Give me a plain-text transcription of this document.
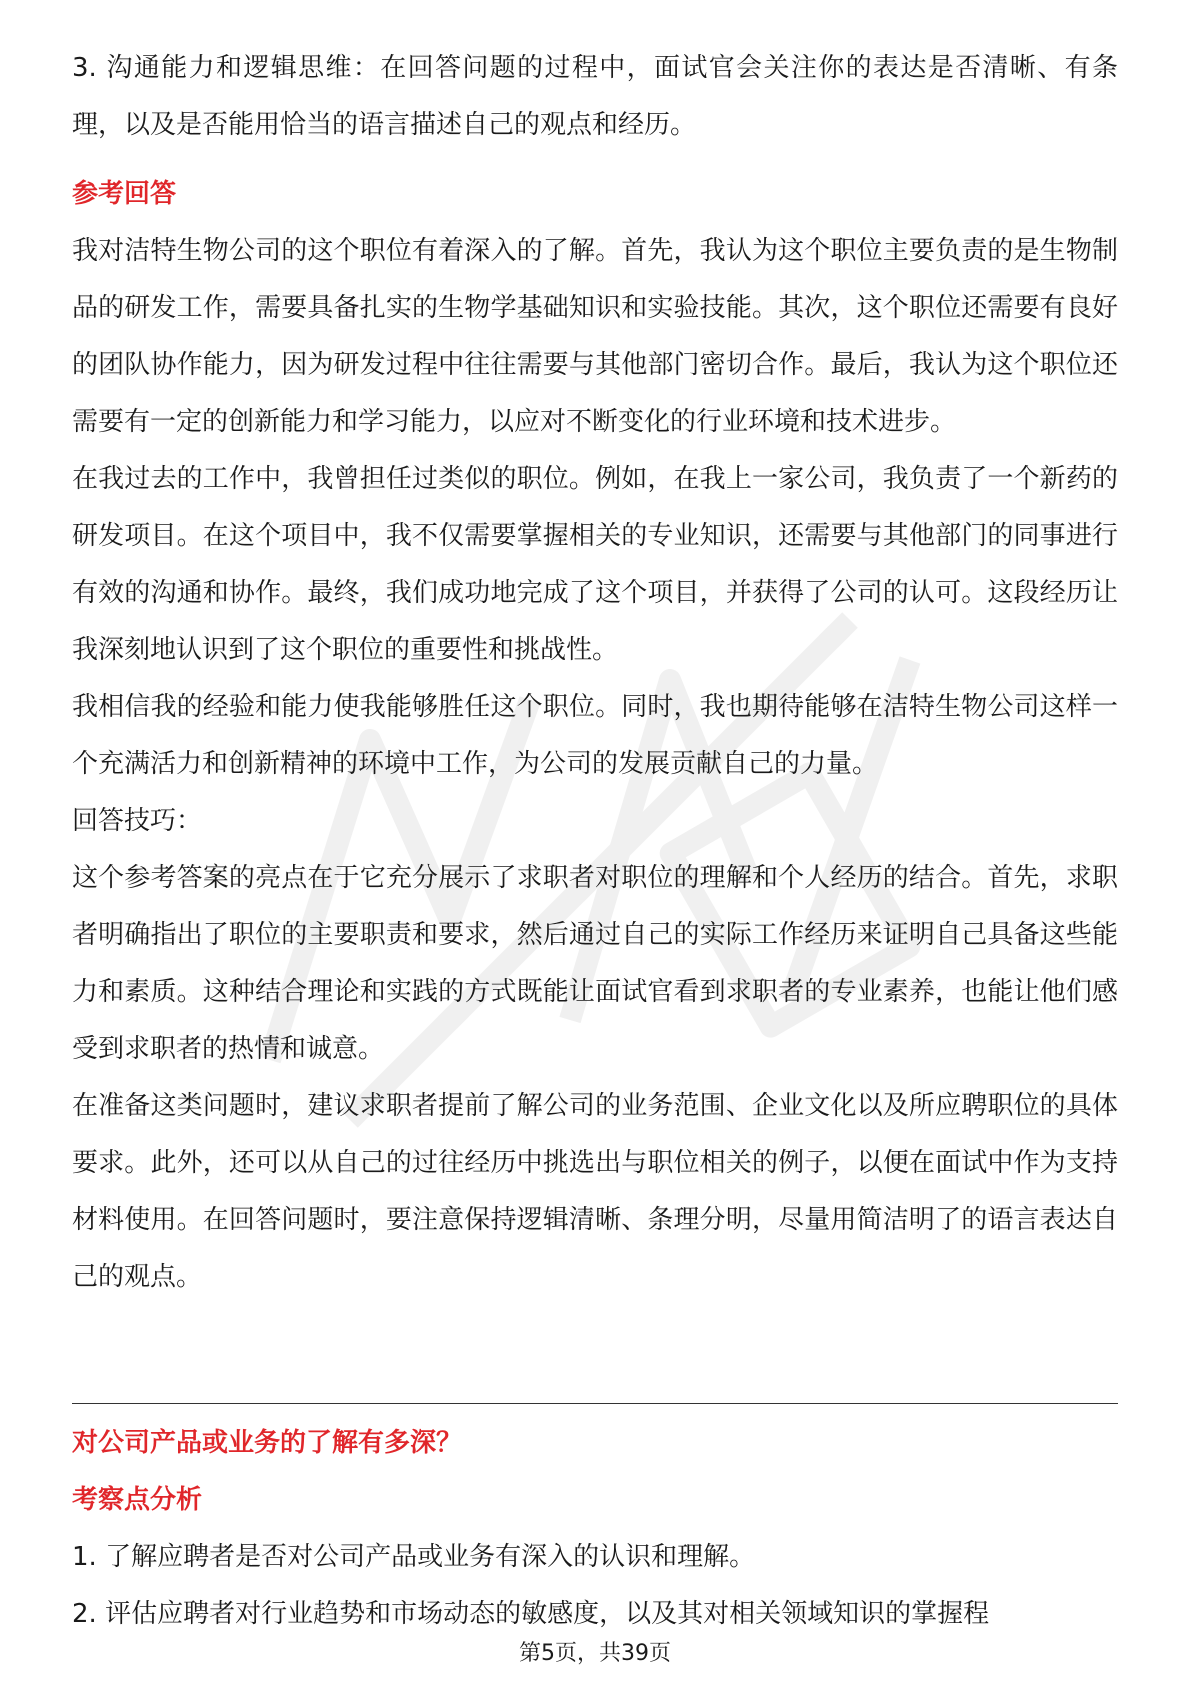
3. 沟通能力和逻辑思维：在回答问题的过程中，面试官会关注你的表达是否清晰、有条理，以及是否能用恰当的语言描述自己的观点和经历。

参考回答

我对洁特生物公司的这个职位有着深入的了解。首先，我认为这个职位主要负责的是生物制品的研发工作，需要具备扎实的生物学基础知识和实验技能。其次，这个职位还需要有良好的团队协作能力，因为研发过程中往往需要与其他部门密切合作。最后，我认为这个职位还需要有一定的创新能力和学习能力，以应对不断变化的行业环境和技术进步。

在我过去的工作中，我曾担任过类似的职位。例如，在我上一家公司，我负责了一个新药的研发项目。在这个项目中，我不仅需要掌握相关的专业知识，还需要与其他部门的同事进行有效的沟通和协作。最终，我们成功地完成了这个项目，并获得了公司的认可。这段经历让我深刻地认识到了这个职位的重要性和挑战性。

我相信我的经验和能力使我能够胜任这个职位。同时，我也期待能够在洁特生物公司这样一个充满活力和创新精神的环境中工作，为公司的发展贡献自己的力量。

回答技巧：

这个参考答案的亮点在于它充分展示了求职者对职位的理解和个人经历的结合。首先，求职者明确指出了职位的主要职责和要求，然后通过自己的实际工作经历来证明自己具备这些能力和素质。这种结合理论和实践的方式既能让面试官看到求职者的专业素养，也能让他们感受到求职者的热情和诚意。

在准备这类问题时，建议求职者提前了解公司的业务范围、企业文化以及所应聘职位的具体要求。此外，还可以从自己的过往经历中挑选出与职位相关的例子，以便在面试中作为支持材料使用。在回答问题时，要注意保持逻辑清晰、条理分明，尽量用简洁明了的语言表达自己的观点。

对公司产品或业务的了解有多深？

考察点分析

1. 了解应聘者是否对公司产品或业务有深入的认识和理解。

2. 评估应聘者对行业趋势和市场动态的敏感度，以及其对相关领域知识的掌握程

第5页，共39页
